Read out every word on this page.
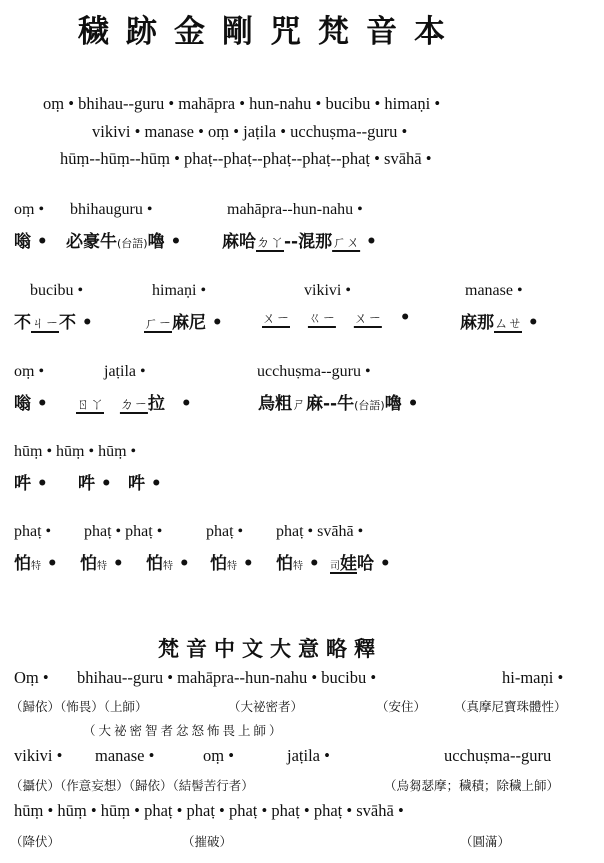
穢跡金剛咒梵音本
oṃ • bhihau--guru • mahāpra • hun-nahu • bucibu • himaṇi •
vikivi • manase • oṃ • jaṭila • ucchuṣma--guru •
hūṃ--hūṃ--hūṃ • phaṭ--phaṭ--phaṭ--phaṭ--phaṭ • svāhā •
oṃ • bhihauguru •	mahāpra--hun-nahu •
嗡 • 必豪牛(台語)嚕 • 麻哈ㄉㄚ--混那ㄏㄨ •
bucibu •	himaṇi •	vikivi •	manase •
不ㄐㄧ不 •	ㄏㄧ麻尼 •	ㄨㄧ ㄍㄧ ㄨㄧ •	麻那ㄙㄝ •
oṃ •	jaṭila •	ucchuṣma--guru •
嗡 • ㄖㄚ ㄉㄧ拉 •	烏粗ㄕ麻--牛(台語)嚕 •
hūṃ • hūṃ • hūṃ •
吽 • 吽 • 吽 •
phaṭ • phaṭ • phaṭ •	phaṭ • phaṭ • svāhā •
怕特 • 怕特 • 怕特 • 怕特 • 怕特 • 司娃哈 •
梵音中文大意略釋
Oṃ • bhihau--guru • mahāpra--hun-nahu • bucibu •	hi-maṇi •
（歸依）（怖畏）（上師）	（大祕密者）	（安住） （真摩尼寶珠體性）
（大祕密智者忿怒怖畏上師）
vikivi • manase •	oṃ •	jaṭila •	ucchuṣma--guru
（攝伏）（作意妄想）（歸依）（結髻苦行者）	（烏芻瑟摩；穢積；除穢上師）
hūṃ • hūṃ • hūṃ • phaṭ • phaṭ • phaṭ • phaṭ • phaṭ • svāhā •
（降伏）	（摧破）	（圓滿）
